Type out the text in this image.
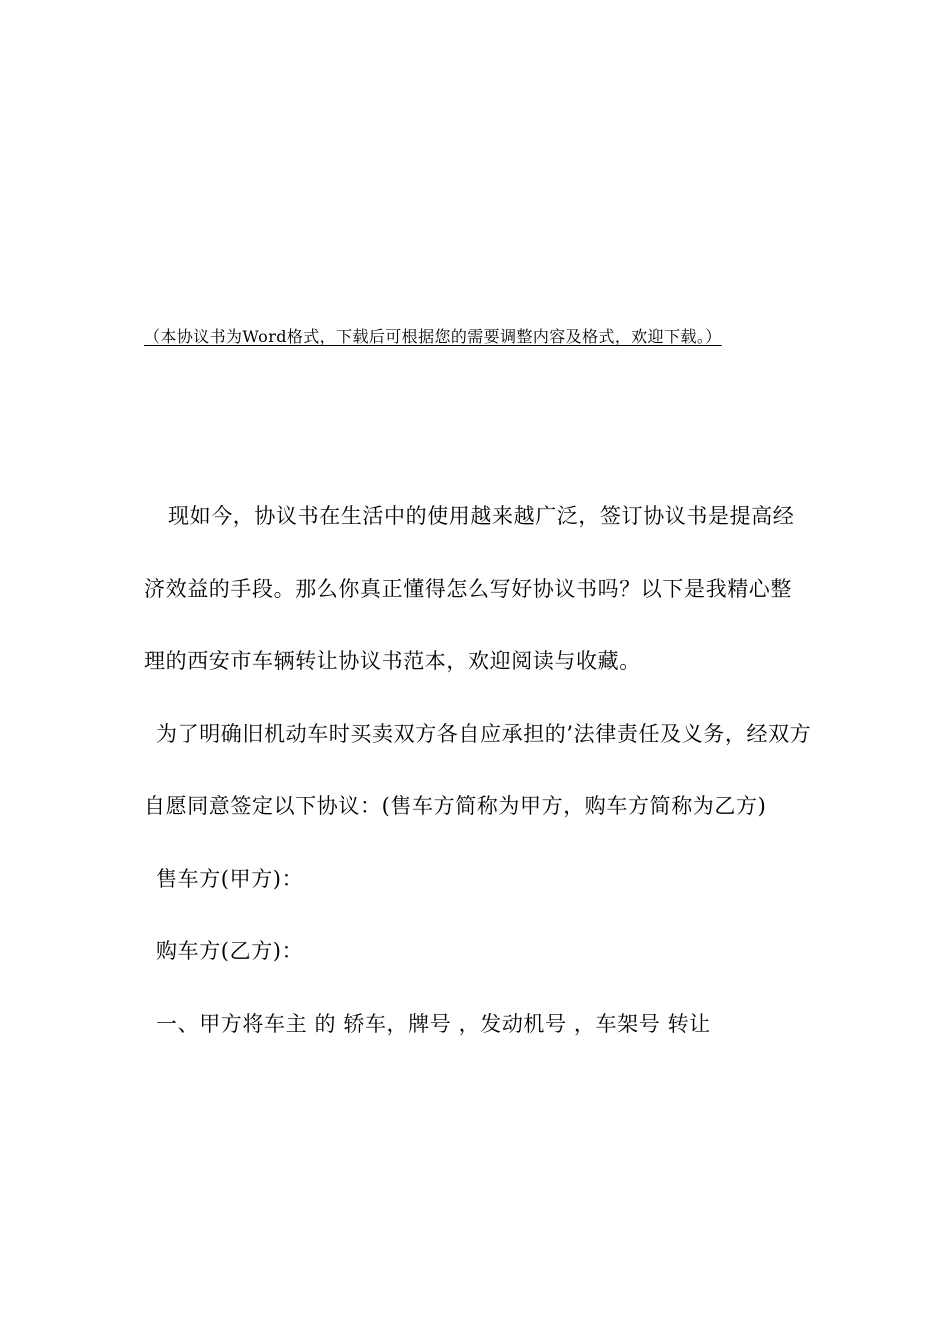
（本协议书为Word格式，下载后可根据您的需要调整内容及格式，欢迎下载。）

现如今，协议书在生活中的使用越来越广泛，签订协议书是提高经济效益的手段。那么你真正懂得怎么写好协议书吗？以下是我精心整理的西安市车辆转让协议书范本，欢迎阅读与收藏。

为了明确旧机动车时买卖双方各自应承担的’法律责任及义务，经双方自愿同意签定以下协议：(售车方简称为甲方，购车方简称为乙方)

售车方(甲方)：

购车方(乙方)：

一、甲方将车主 的 轿车，牌号 ，发动机号 ，车架号 转让
